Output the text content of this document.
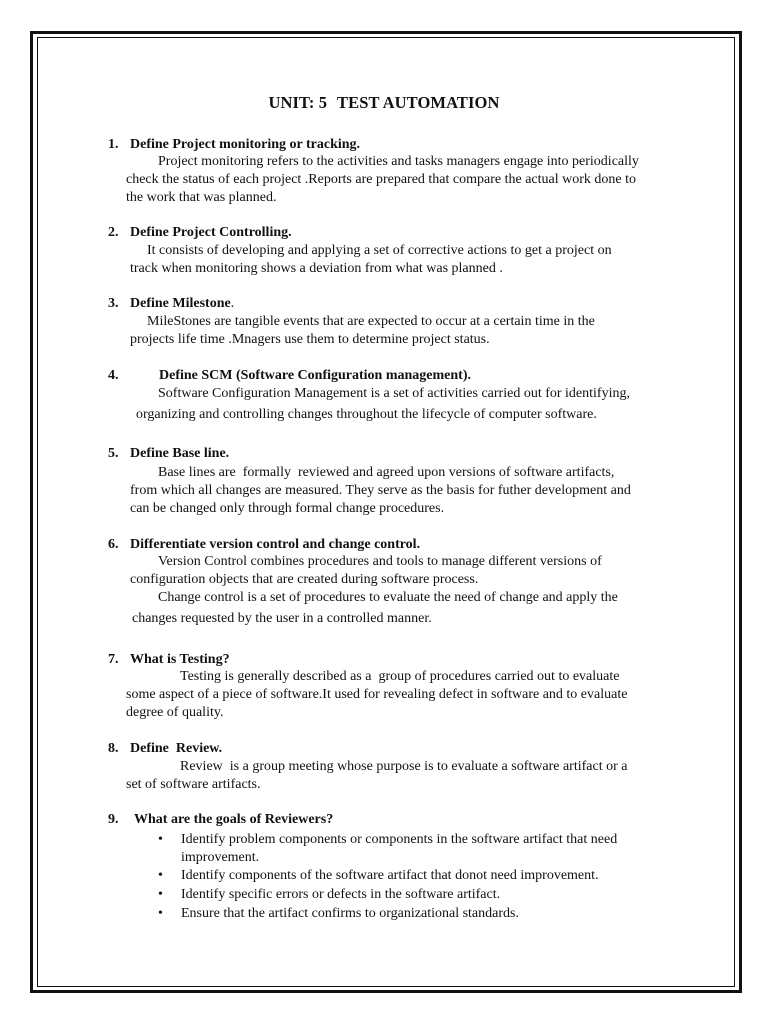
UNIT: 5 TEST AUTOMATION
1. Define Project monitoring or tracking.
Project monitoring refers to the activities and tasks managers engage into periodically
check the status of each project .Reports are prepared that compare the actual work done to
the work that was planned.
2. Define Project Controlling.
It consists of developing and applying a set of corrective actions to get a project on
track when monitoring shows a deviation from what was planned .
3. Define Milestone.
MileStones are tangible events that are expected to occur at a certain time in the
projects life time .Mnagers use them to determine project status.
4.	Define SCM (Software Configuration management).
Software Configuration Management is a set of activities carried out for identifying,
organizing and controlling changes throughout the lifecycle of computer software.
5. Define Base line.
Base lines are  formally  reviewed and agreed upon versions of software artifacts,
from which all changes are measured. They serve as the basis for futher development and
can be changed only through formal change procedures.
6. Differentiate version control and change control.
Version Control combines procedures and tools to manage different versions of
configuration objects that are created during software process.
Change control is a set of procedures to evaluate the need of change and apply the
changes requested by the user in a controlled manner.
7. What is Testing?
Testing is generally described as a  group of procedures carried out to evaluate
some aspect of a piece of software.It used for revealing defect in software and to evaluate
degree of quality.
8. Define  Review.
Review  is a group meeting whose purpose is to evaluate a software artifact or a
set of software artifacts.
9. What are the goals of Reviewers?
• Identify problem components or components in the software artifact that need
improvement.
• Identify components of the software artifact that donot need improvement.
• Identify specific errors or defects in the software artifact.
• Ensure that the artifact confirms to organizational standards.
